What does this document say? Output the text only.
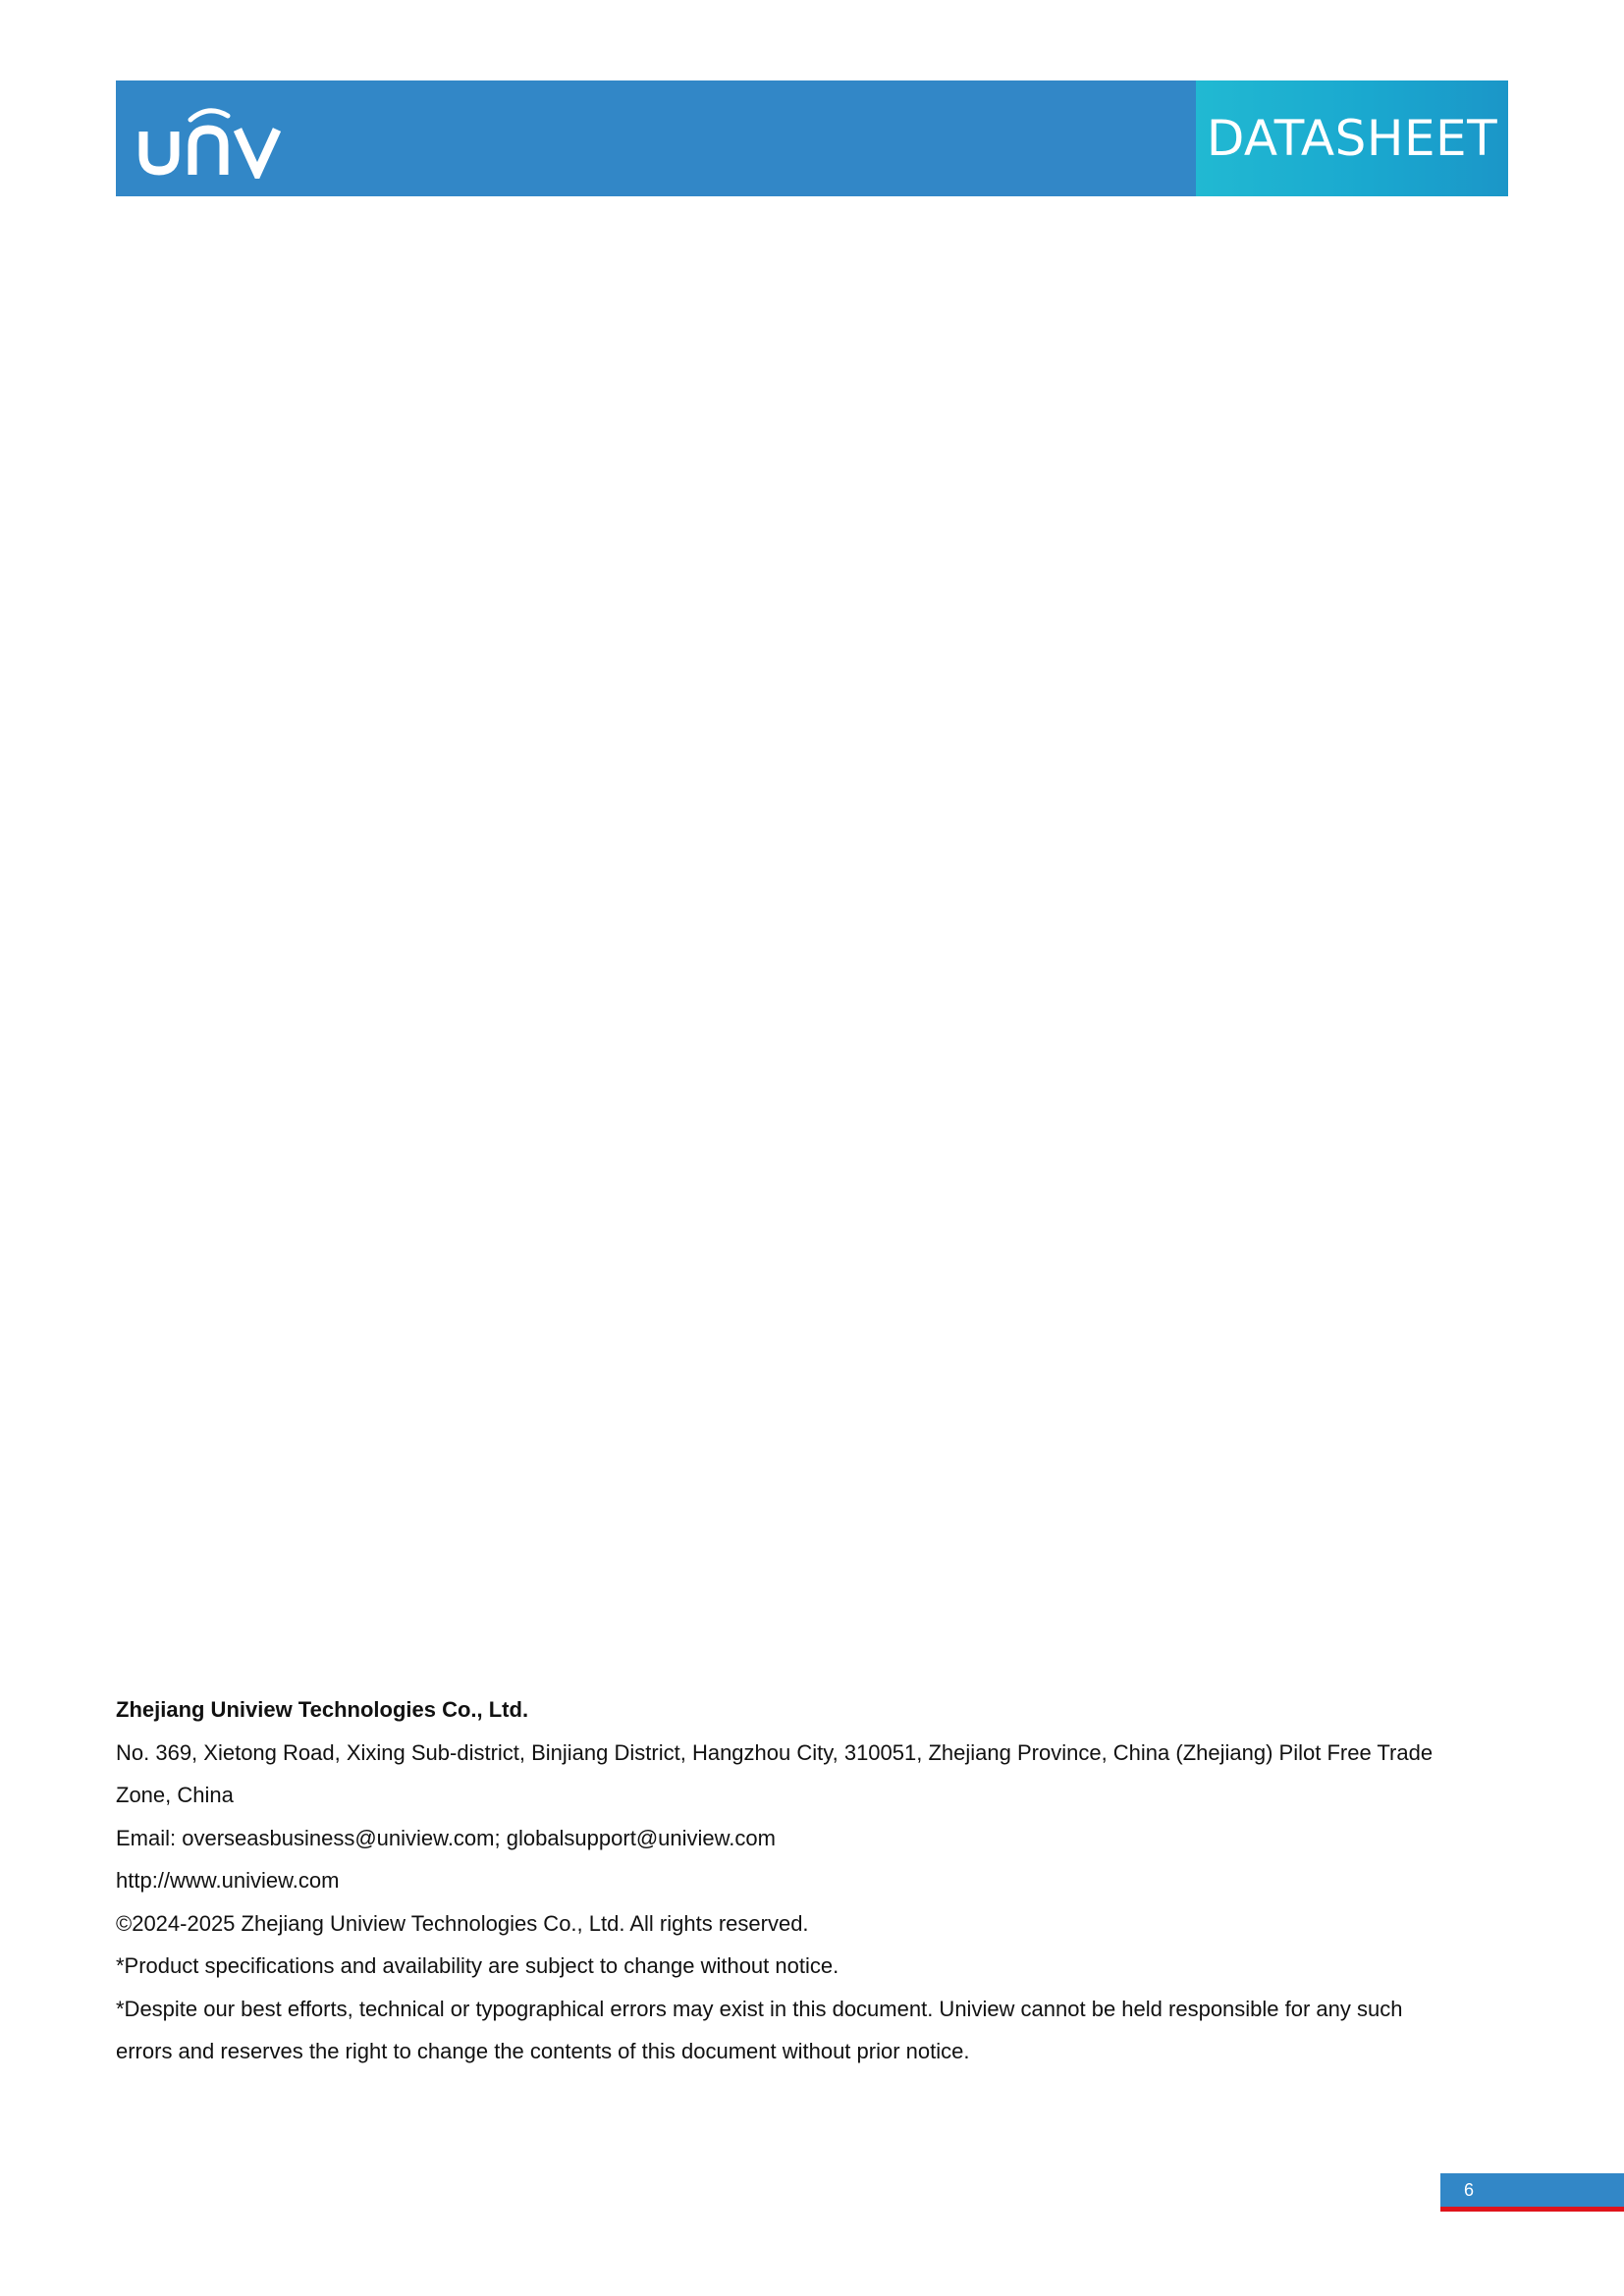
DATASHEET

Zhejiang Uniview Technologies Co., Ltd.

No. 369, Xietong Road, Xixing Sub-district, Binjiang District, Hangzhou City, 310051, Zhejiang Province, China (Zhejiang) Pilot Free Trade

Zone, China

Email: overseasbusiness@uniview.com; globalsupport@uniview.com

http://www.uniview.com

©2024-2025 Zhejiang Uniview Technologies Co., Ltd. All rights reserved.

*Product specifications and availability are subject to change without notice.

*Despite our best efforts, technical or typographical errors may exist in this document. Uniview cannot be held responsible for any such

errors and reserves the right to change the contents of this document without prior notice.

6
